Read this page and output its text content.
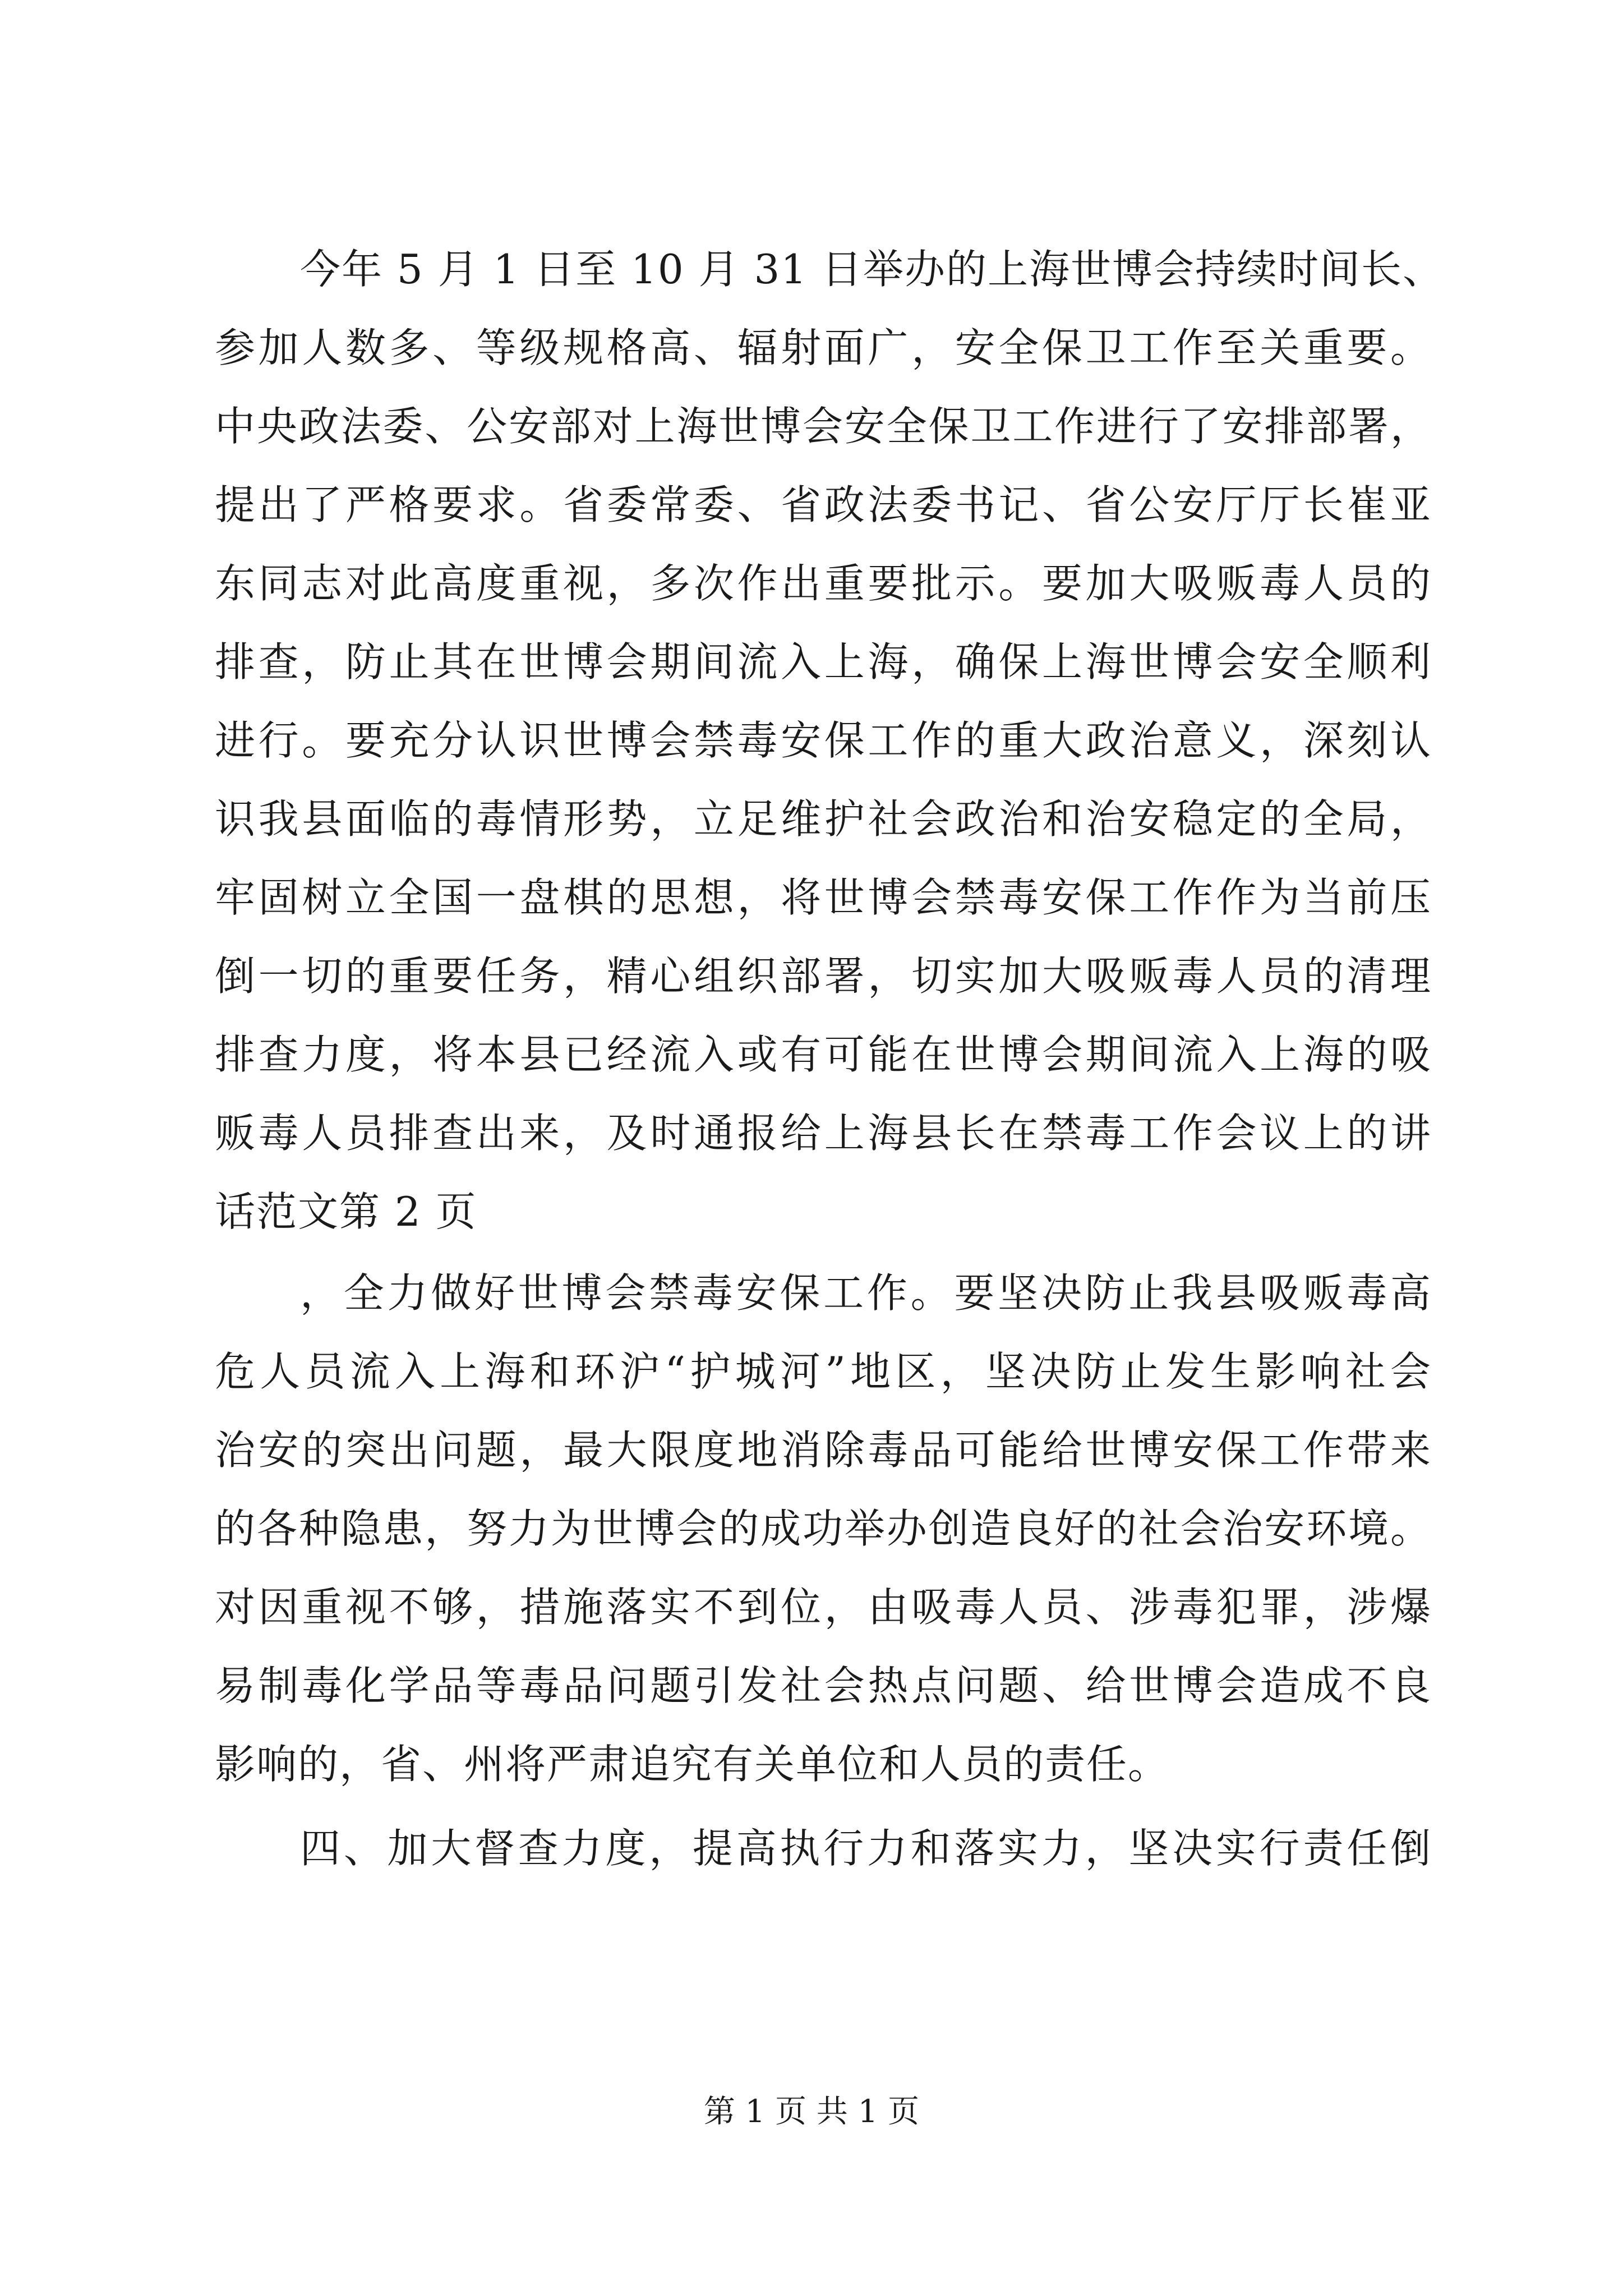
今年 5 月 1 日至 10 月 31 日举办的上海世博会持续时间长、
参加人数多、等级规格高、辐射面广，安全保卫工作至关重要。
中央政法委、公安部对上海世博会安全保卫工作进行了安排部署，
提出了严格要求。省委常委、省政法委书记、省公安厅厅长崔亚
东同志对此高度重视，多次作出重要批示。要加大吸贩毒人员的
排查，防止其在世博会期间流入上海，确保上海世博会安全顺利
进行。要充分认识世博会禁毒安保工作的重大政治意义，深刻认
识我县面临的毒情形势，立足维护社会政治和治安稳定的全局，
牢固树立全国一盘棋的思想，将世博会禁毒安保工作作为当前压
倒一切的重要任务，精心组织部署，切实加大吸贩毒人员的清理
排查力度，将本县已经流入或有可能在世博会期间流入上海的吸
贩毒人员排查出来，及时通报给上海县长在禁毒工作会议上的讲
话范文第 2 页
，全力做好世博会禁毒安保工作。要坚决防止我县吸贩毒高
危人员流入上海和环沪“护城河”地区，坚决防止发生影响社会
治安的突出问题，最大限度地消除毒品可能给世博安保工作带来
的各种隐患，努力为世博会的成功举办创造良好的社会治安环境。
对因重视不够，措施落实不到位，由吸毒人员、涉毒犯罪，涉爆
易制毒化学品等毒品问题引发社会热点问题、给世博会造成不良
影响的，省、州将严肃追究有关单位和人员的责任。
四、加大督查力度，提高执行力和落实力，坚决实行责任倒
第 1 页 共 1 页
